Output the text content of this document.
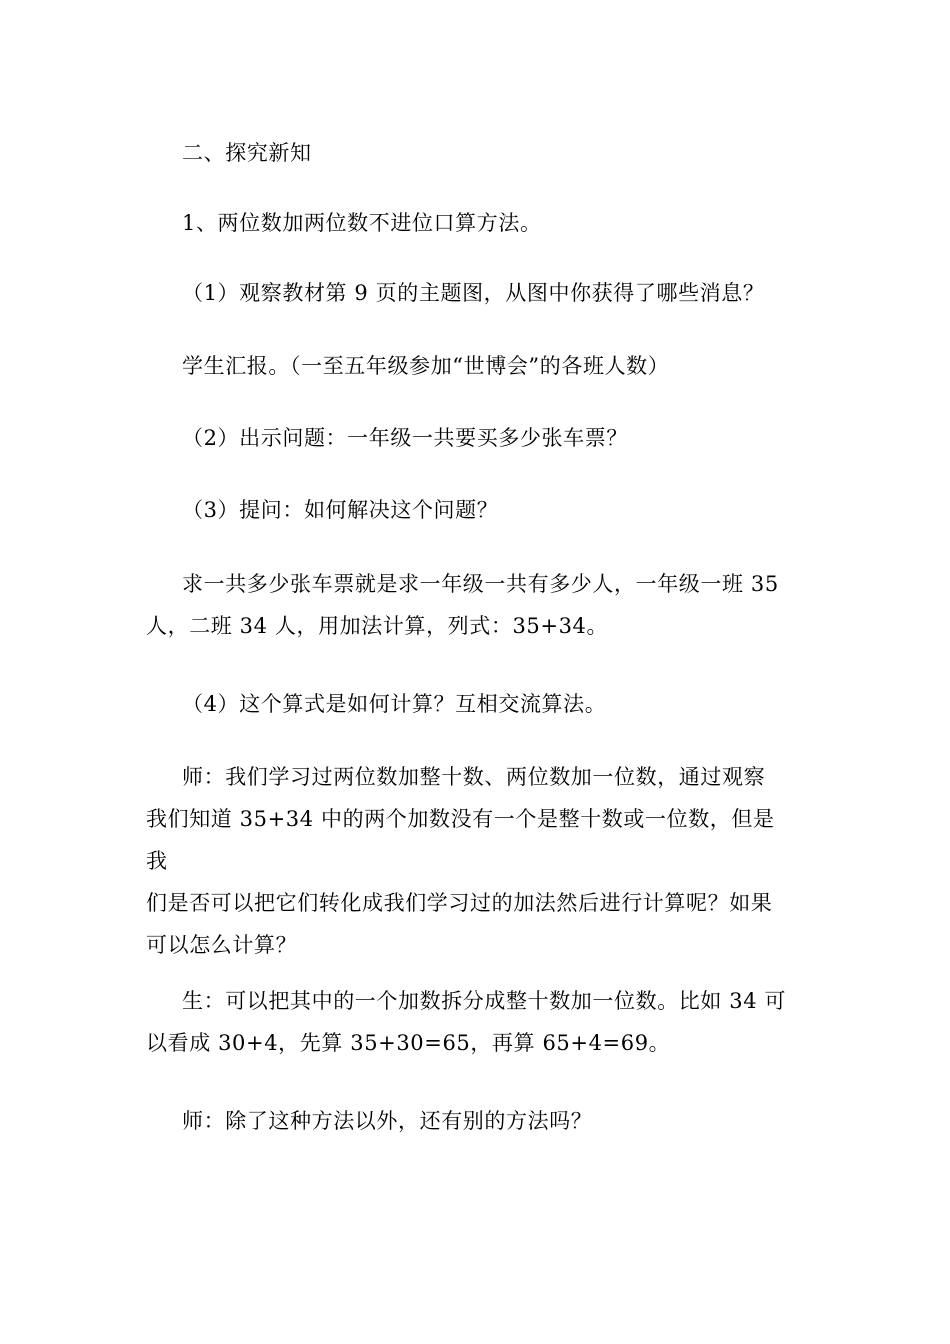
二、探究新知
1、两位数加两位数不进位口算方法。
（1）观察教材第 9 页的主题图，从图中你获得了哪些消息？
学生汇报。（一至五年级参加“世博会”的各班人数）
（2）出示问题：一年级一共要买多少张车票？
（3）提问：如何解决这个问题？
求一共多少张车票就是求一年级一共有多少人，一年级一班 35
人，二班 34 人，用加法计算，列式：35+34。
（4）这个算式是如何计算？互相交流算法。
师：我们学习过两位数加整十数、两位数加一位数，通过观察
我们知道 35+34 中的两个加数没有一个是整十数或一位数，但是我
们是否可以把它们转化成我们学习过的加法然后进行计算呢？如果
可以怎么计算？
生：可以把其中的一个加数拆分成整十数加一位数。比如 34 可
以看成 30+4，先算 35+30=65，再算 65+4=69。
师：除了这种方法以外，还有别的方法吗？
